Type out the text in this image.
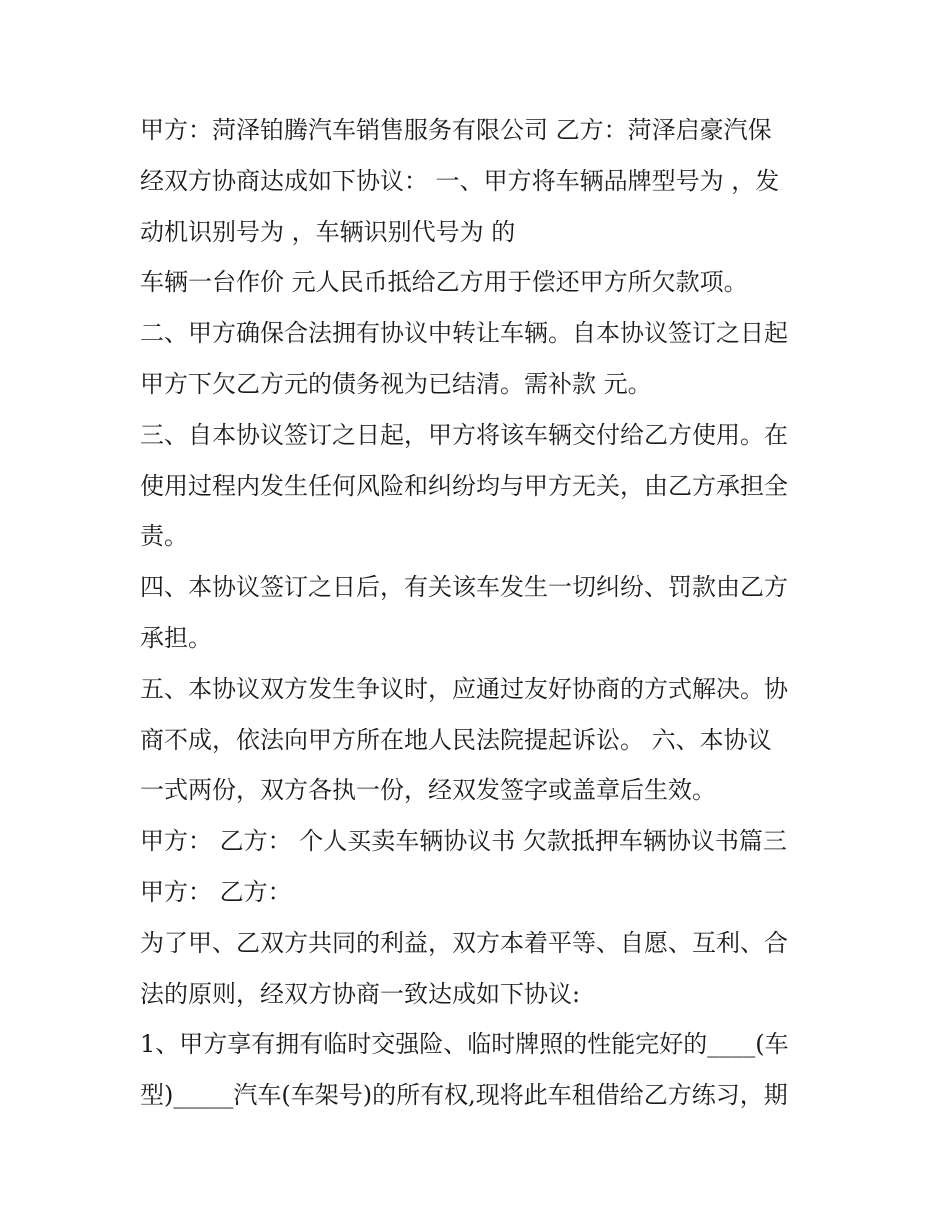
甲方：菏泽铂腾汽车销售服务有限公司 乙方：菏泽启豪汽保
经双方协商达成如下协议： 一、甲方将车辆品牌型号为 ，发
动机识别号为 ，车辆识别代号为 的
车辆一台作价 元人民币抵给乙方用于偿还甲方所欠款项。
二、甲方确保合法拥有协议中转让车辆。自本协议签订之日起
甲方下欠乙方元的债务视为已结清。需补款 元。
三、自本协议签订之日起，甲方将该车辆交付给乙方使用。在
使用过程内发生任何风险和纠纷均与甲方无关，由乙方承担全
责。
四、本协议签订之日后，有关该车发生一切纠纷、罚款由乙方
承担。
五、本协议双方发生争议时，应通过友好协商的方式解决。协
商不成，依法向甲方所在地人民法院提起诉讼。 六、本协议
一式两份，双方各执一份，经双发签字或盖章后生效。
甲方： 乙方： 个人买卖车辆协议书 欠款抵押车辆协议书篇三
甲方： 乙方：
为了甲、乙双方共同的利益，双方本着平等、自愿、互利、合
法的原则，经双方协商一致达成如下协议:
1、甲方享有拥有临时交强险、临时牌照的性能完好的____(车
型)_____汽车(车架号)的所有权,现将此车租借给乙方练习，期
